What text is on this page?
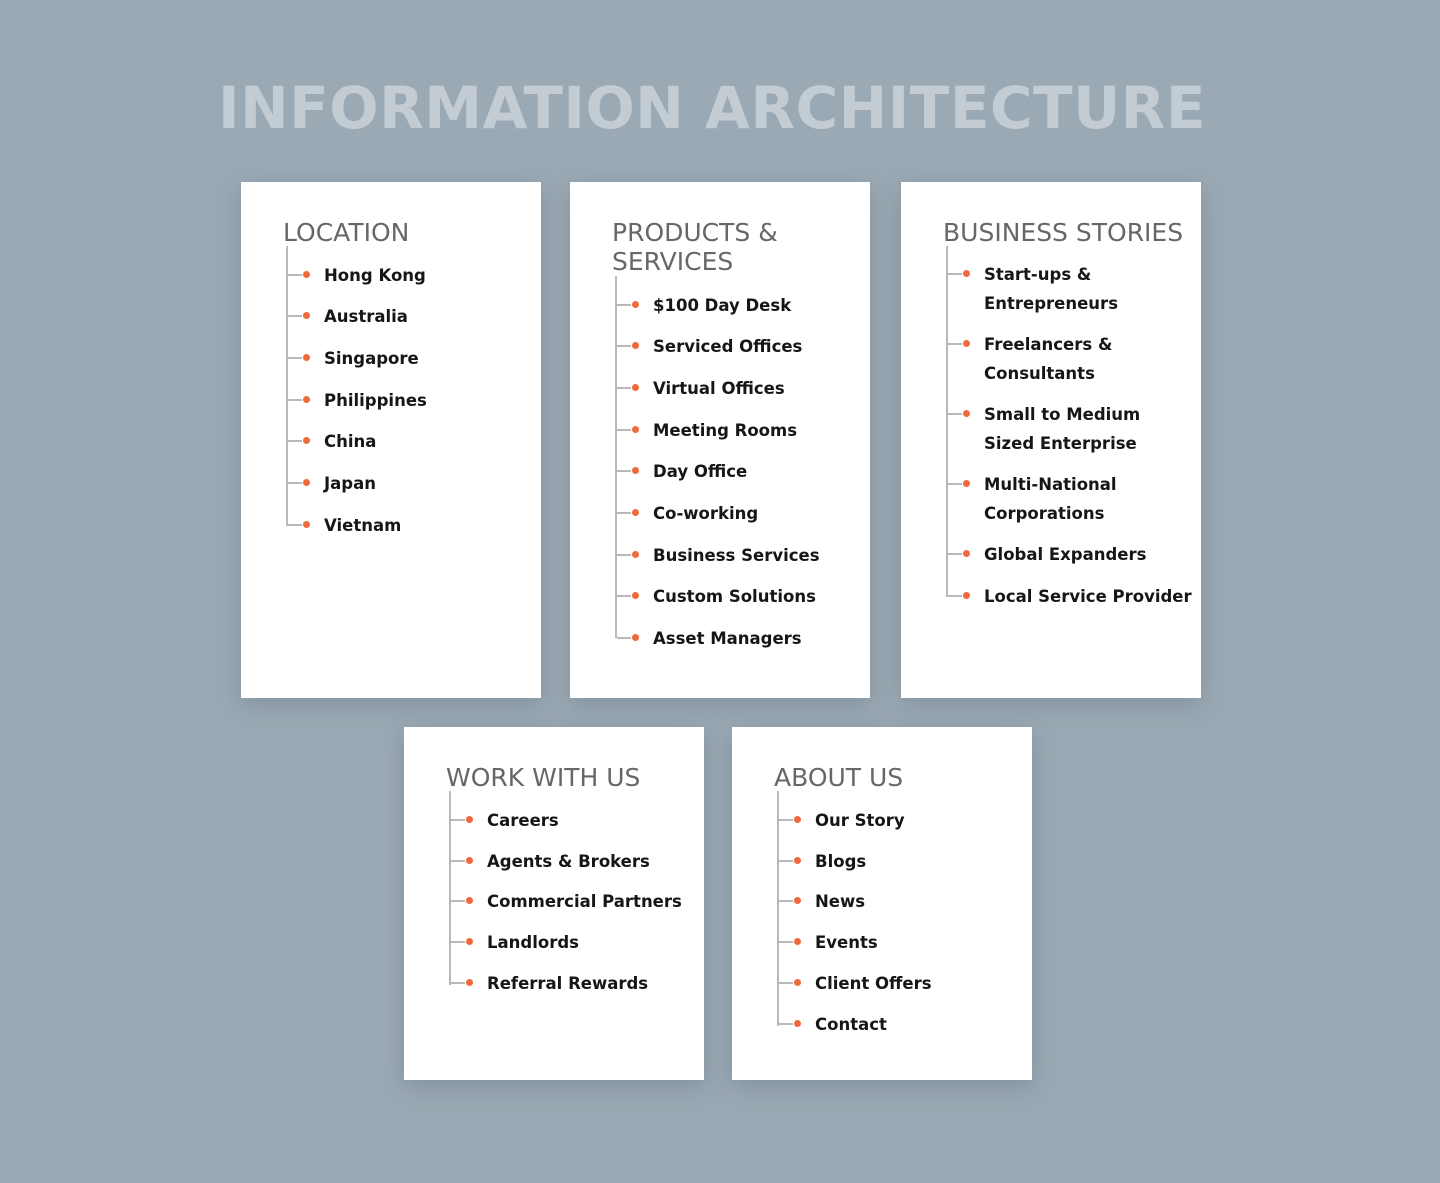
INFORMATION ARCHITECTURE
LOCATION
Hong Kong
Australia
Singapore
Philippines
China
Japan
Vietnam
PRODUCTS &
SERVICES
$100 Day Desk
Serviced Offices
Virtual Offices
Meeting Rooms
Day Office
Co-working
Business Services
Custom Solutions
Asset Managers
BUSINESS STORIES
Start-ups &
Entrepreneurs
Freelancers &
Consultants
Small to Medium
Sized Enterprise
Multi-National
Corporations
Global Expanders
Local Service Provider
WORK WITH US
Careers
Agents & Brokers
Commercial Partners
Landlords
Referral Rewards
ABOUT US
Our Story
Blogs
News
Events
Client Offers
Contact
